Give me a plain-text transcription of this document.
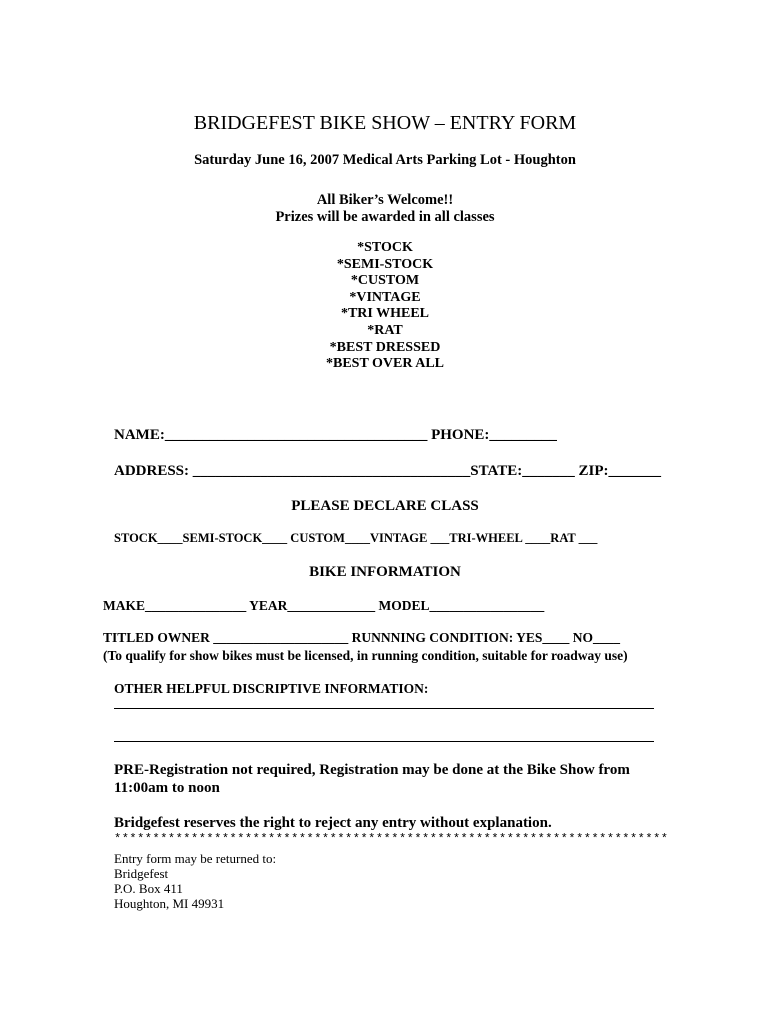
BRIDGEFEST BIKE SHOW – ENTRY FORM
Saturday June 16, 2007 Medical Arts Parking Lot - Houghton
All Biker’s Welcome!!
Prizes will be awarded in all classes
*STOCK
*SEMI-STOCK
*CUSTOM
*VINTAGE
*TRI WHEEL
*RAT
*BEST DRESSED
*BEST OVER ALL
NAME:___________________________________ PHONE:_________
ADDRESS: _____________________________________STATE:_______ ZIP:_______
PLEASE DECLARE CLASS
STOCK____SEMI-STOCK____ CUSTOM____VINTAGE ___TRI-WHEEL ____RAT ___
BIKE INFORMATION
MAKE_______________ YEAR_____________ MODEL_________________
TITLED OWNER ____________________ RUNNNING CONDITION: YES____ NO____
(To qualify for show bikes must be licensed, in running condition, suitable for roadway use)
OTHER HELPFUL DISCRIPTIVE INFORMATION:
PRE-Registration not required, Registration may be done at the Bike Show from
11:00am to noon
Bridgefest reserves the right to reject any entry without explanation.
************************************************************************
Entry form may be returned to:
Bridgefest
P.O. Box 411
Houghton, MI 49931
